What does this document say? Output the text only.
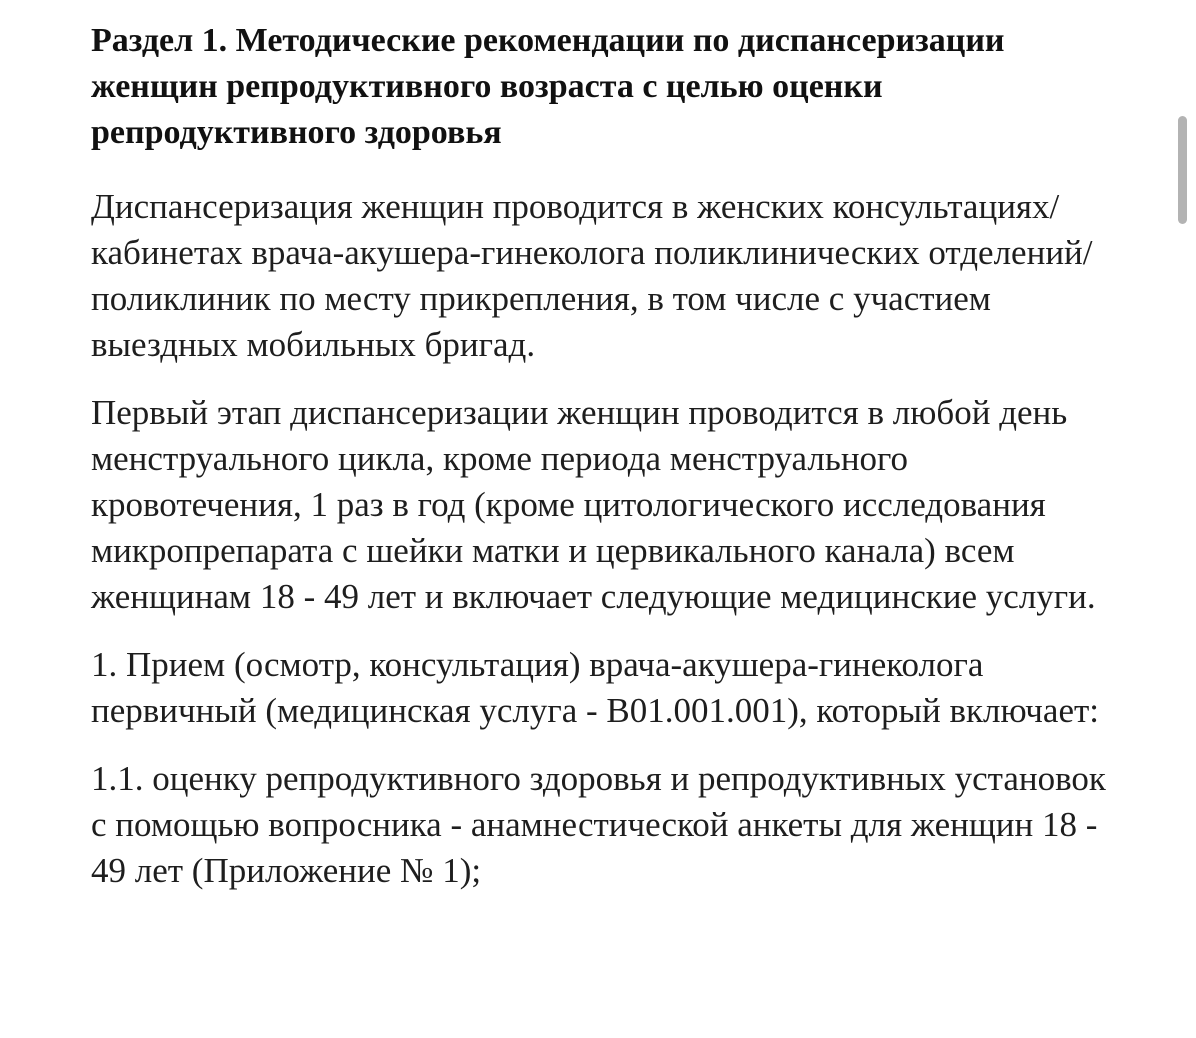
Раздел 1. Методические рекомендации по диспансеризации женщин репродуктивного возраста с целью оценки репродуктивного здоровья

Диспансеризация женщин проводится в женских консультациях/кабинетах врача-акушера-гинеколога поликлинических отделений/поликлиник по месту прикрепления, в том числе с участием выездных мобильных бригад.

Первый этап диспансеризации женщин проводится в любой день менструального цикла, кроме периода менструального кровотечения, 1 раз в год (кроме цитологического исследования микропрепарата с шейки матки и цервикального канала) всем женщинам 18 - 49 лет и включает следующие медицинские услуги.

1. Прием (осмотр, консультация) врача-акушера-гинеколога первичный (медицинская услуга - B01.001.001), который включает:

1.1. оценку репродуктивного здоровья и репродуктивных установок с помощью вопросника - анамнестической анкеты для женщин 18 - 49 лет (Приложение № 1);
